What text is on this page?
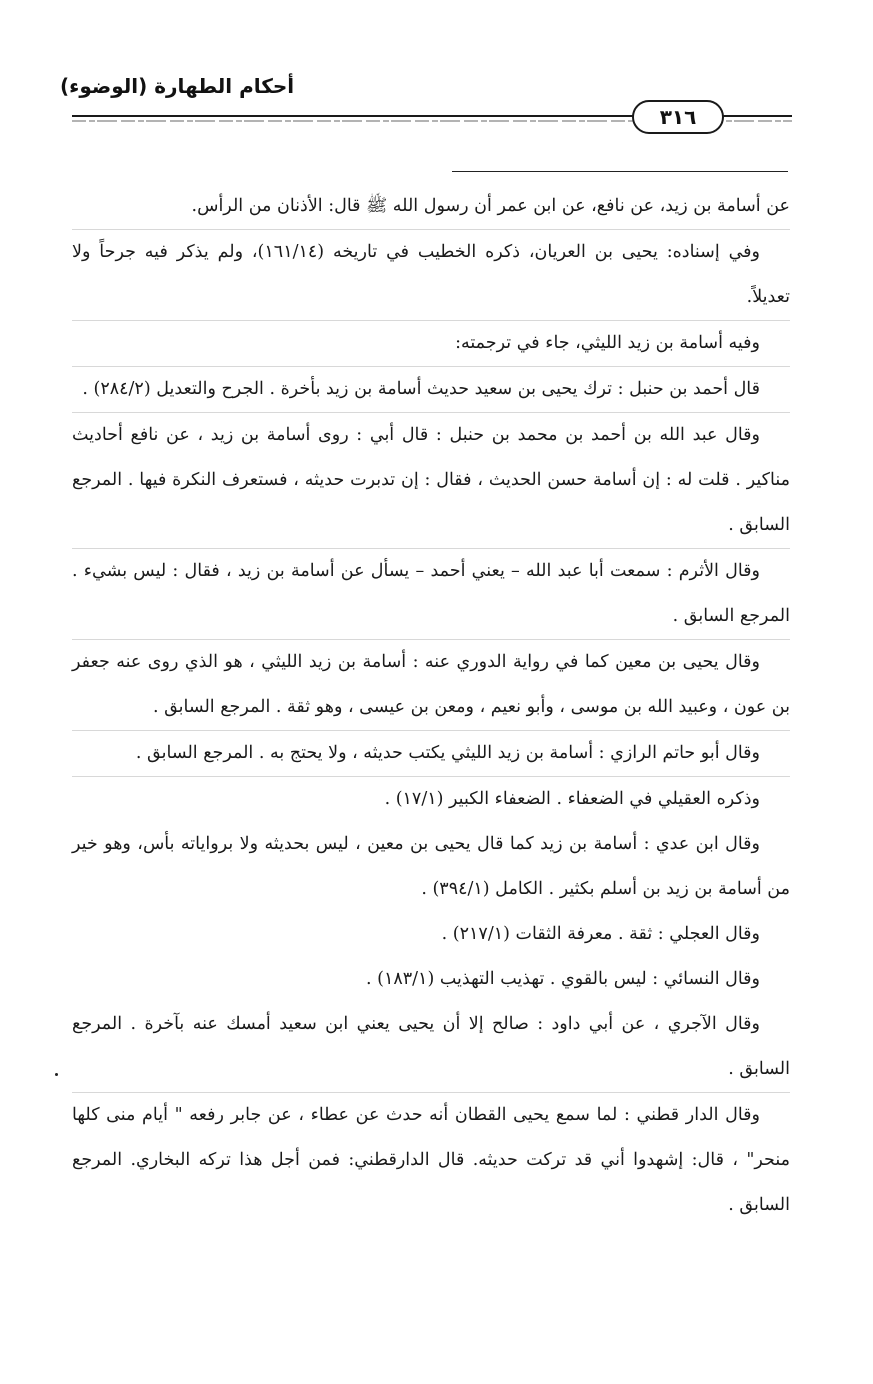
أحكام الطهارة (الوضوء)
٣١٦

عن أسامة بن زيد، عن نافع، عن ابن عمر أن رسول الله ﷺ قال: الأذنان من الرأس.

وفي إسناده: يحيى بن العريان، ذكره الخطيب في تاريخه (١٦١/١٤)، ولم يذكر فيه جرحاً ولا تعديلاً.

وفيه أسامة بن زيد الليثي، جاء في ترجمته:

قال أحمد بن حنبل : ترك يحيى بن سعيد حديث أسامة بن زيد بأخرة . الجرح والتعديل (٢٨٤/٢) .

وقال عبد الله بن أحمد بن محمد بن حنبل : قال أبي : روى أسامة بن زيد ، عن نافع أحاديث مناكير . قلت له : إن أسامة حسن الحديث ، فقال : إن تدبرت حديثه ، فستعرف النكرة فيها . المرجع السابق .

وقال الأثرم : سمعت أبا عبد الله – يعني أحمد – يسأل عن أسامة بن زيد ، فقال : ليس بشيء . المرجع السابق .

وقال يحيى بن معين كما في رواية الدوري عنه : أسامة بن زيد الليثي ، هو الذي روى عنه جعفر بن عون ، وعبيد الله بن موسى ، وأبو نعيم ، ومعن بن عيسى ، وهو ثقة . المرجع السابق .

وقال أبو حاتم الرازي : أسامة بن زيد الليثي يكتب حديثه ، ولا يحتج به . المرجع السابق .

وذكره العقيلي في الضعفاء . الضعفاء الكبير (١٧/١) .

وقال ابن عدي : أسامة بن زيد كما قال يحيى بن معين ، ليس بحديثه ولا برواياته بأس، وهو خير من أسامة بن زيد بن أسلم بكثير . الكامل (٣٩٤/١) .

وقال العجلي : ثقة . معرفة الثقات (٢١٧/١) .

وقال النسائي : ليس بالقوي . تهذيب التهذيب (١٨٣/١) .

وقال الآجري ، عن أبي داود : صالح إلا أن يحيى يعني ابن سعيد أمسك عنه بآخرة . المرجع السابق .

وقال الدار قطني : لما سمع يحيى القطان أنه حدث عن عطاء ، عن جابر رفعه " أيام منى كلها منحر" ، قال: إشهدوا أني قد تركت حديثه. قال الدارقطني: فمن أجل هذا تركه البخاري. المرجع السابق .
